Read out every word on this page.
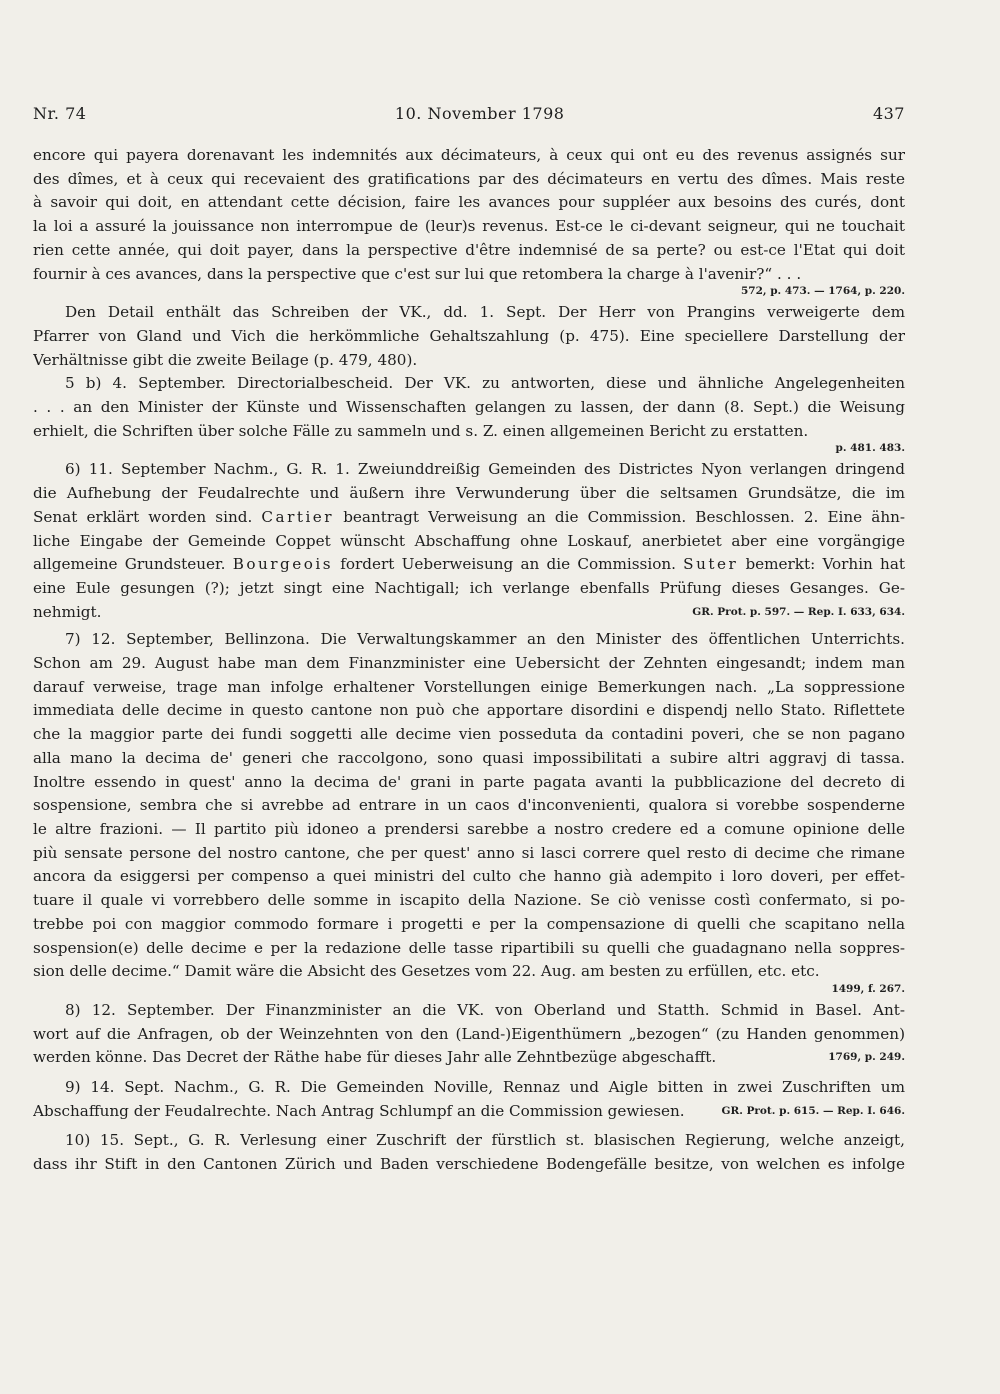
Nr. 74	10. November 1798	437
encore qui payera dorenavant les indemnités aux décimateurs, à ceux qui ont eu des revenus assignés sur
des dîmes, et à ceux qui recevaient des gratifications par des décimateurs en vertu des dîmes. Mais reste
à savoir qui doit, en attendant cette décision, faire les avances pour suppléer aux besoins des curés, dont
la loi a assuré la jouissance non interrompue de (leur)s revenus. Est-ce le ci-devant seigneur, qui ne touchait
rien cette année, qui doit payer, dans la perspective d'être indemnisé de sa perte? ou est-ce l'Etat qui doit
fournir à ces avances, dans la perspective que c'est sur lui que retombera la charge à l'avenir?“ . . .
572, p. 473. — 1764, p. 220.
Den Detail enthält das Schreiben der VK., dd. 1. Sept. Der Herr von Prangins verweigerte dem
Pfarrer von Gland und Vich die herkömmliche Gehaltszahlung (p. 475). Eine speciellere Darstellung der
Verhältnisse gibt die zweite Beilage (p. 479, 480).
5 b) 4. September. Directorialbescheid. Der VK. zu antworten, diese und ähnliche Angelegenheiten
. . . an den Minister der Künste und Wissenschaften gelangen zu lassen, der dann (8. Sept.) die Weisung
erhielt, die Schriften über solche Fälle zu sammeln und s. Z. einen allgemeinen Bericht zu erstatten.
p. 481. 483.
6) 11. September Nachm., G. R. 1. Zweiunddreißig Gemeinden des Districtes Nyon verlangen dringend
die Aufhebung der Feudalrechte und äußern ihre Verwunderung über die seltsamen Grundsätze, die im
Senat erklärt worden sind. Cartier beantragt Verweisung an die Commission. Beschlossen. 2. Eine ähn-
liche Eingabe der Gemeinde Coppet wünscht Abschaffung ohne Loskauf, anerbietet aber eine vorgängige
allgemeine Grundsteuer. Bourgeois fordert Ueberweisung an die Commission. Suter bemerkt: Vorhin hat
eine Eule gesungen (?); jetzt singt eine Nachtigall; ich verlange ebenfalls Prüfung dieses Gesanges. Ge-
nehmigt.	GR. Prot. p. 597. — Rep. I. 633, 634.
7) 12. September, Bellinzona. Die Verwaltungskammer an den Minister des öffentlichen Unterrichts.
Schon am 29. August habe man dem Finanzminister eine Uebersicht der Zehnten eingesandt; indem man
darauf verweise, trage man infolge erhaltener Vorstellungen einige Bemerkungen nach. „La soppressione
immediata delle decime in questo cantone non può che apportare disordini e dispendj nello Stato. Riflettete
che la maggior parte dei fundi soggetti alle decime vien posseduta da contadini poveri, che se non pagano
alla mano la decima de' generi che raccolgono, sono quasi impossibilitati a subire altri aggravj di tassa.
Inoltre essendo in quest' anno la decima de' grani in parte pagata avanti la pubblicazione del decreto di
sospensione, sembra che si avrebbe ad entrare in un caos d'inconvenienti, qualora si vorebbe sospenderne
le altre frazioni. — Il partito più idoneo a prendersi sarebbe a nostro credere ed a comune opinione delle
più sensate persone del nostro cantone, che per quest' anno si lasci correre quel resto di decime che rimane
ancora da esiggersi per compenso a quei ministri del culto che hanno già adempito i loro doveri, per effet-
tuare il quale vi vorrebbero delle somme in iscapito della Nazione. Se ciò venisse costì confermato, si po-
trebbe poi con maggior commodo formare i progetti e per la compensazione di quelli che scapitano nella
sospension(e) delle decime e per la redazione delle tasse ripartibili su quelli che guadagnano nella soppres-
sion delle decime.“ Damit wäre die Absicht des Gesetzes vom 22. Aug. am besten zu erfüllen, etc. etc.
1499, f. 267.
8) 12. September. Der Finanzminister an die VK. von Oberland und Statth. Schmid in Basel. Ant-
wort auf die Anfragen, ob der Weinzehnten von den (Land-)Eigenthümern „bezogen“ (zu Handen genommen)
werden könne. Das Decret der Räthe habe für dieses Jahr alle Zehntbezüge abgeschafft.	1769, p. 249.
9) 14. Sept. Nachm., G. R. Die Gemeinden Noville, Rennaz und Aigle bitten in zwei Zuschriften um
Abschaffung der Feudalrechte. Nach Antrag Schlumpf an die Commission gewiesen.	GR. Prot. p. 615. — Rep. I. 646.
10) 15. Sept., G. R. Verlesung einer Zuschrift der fürstlich st. blasischen Regierung, welche anzeigt,
dass ihr Stift in den Cantonen Zürich und Baden verschiedene Bodengefälle besitze, von welchen es infolge
